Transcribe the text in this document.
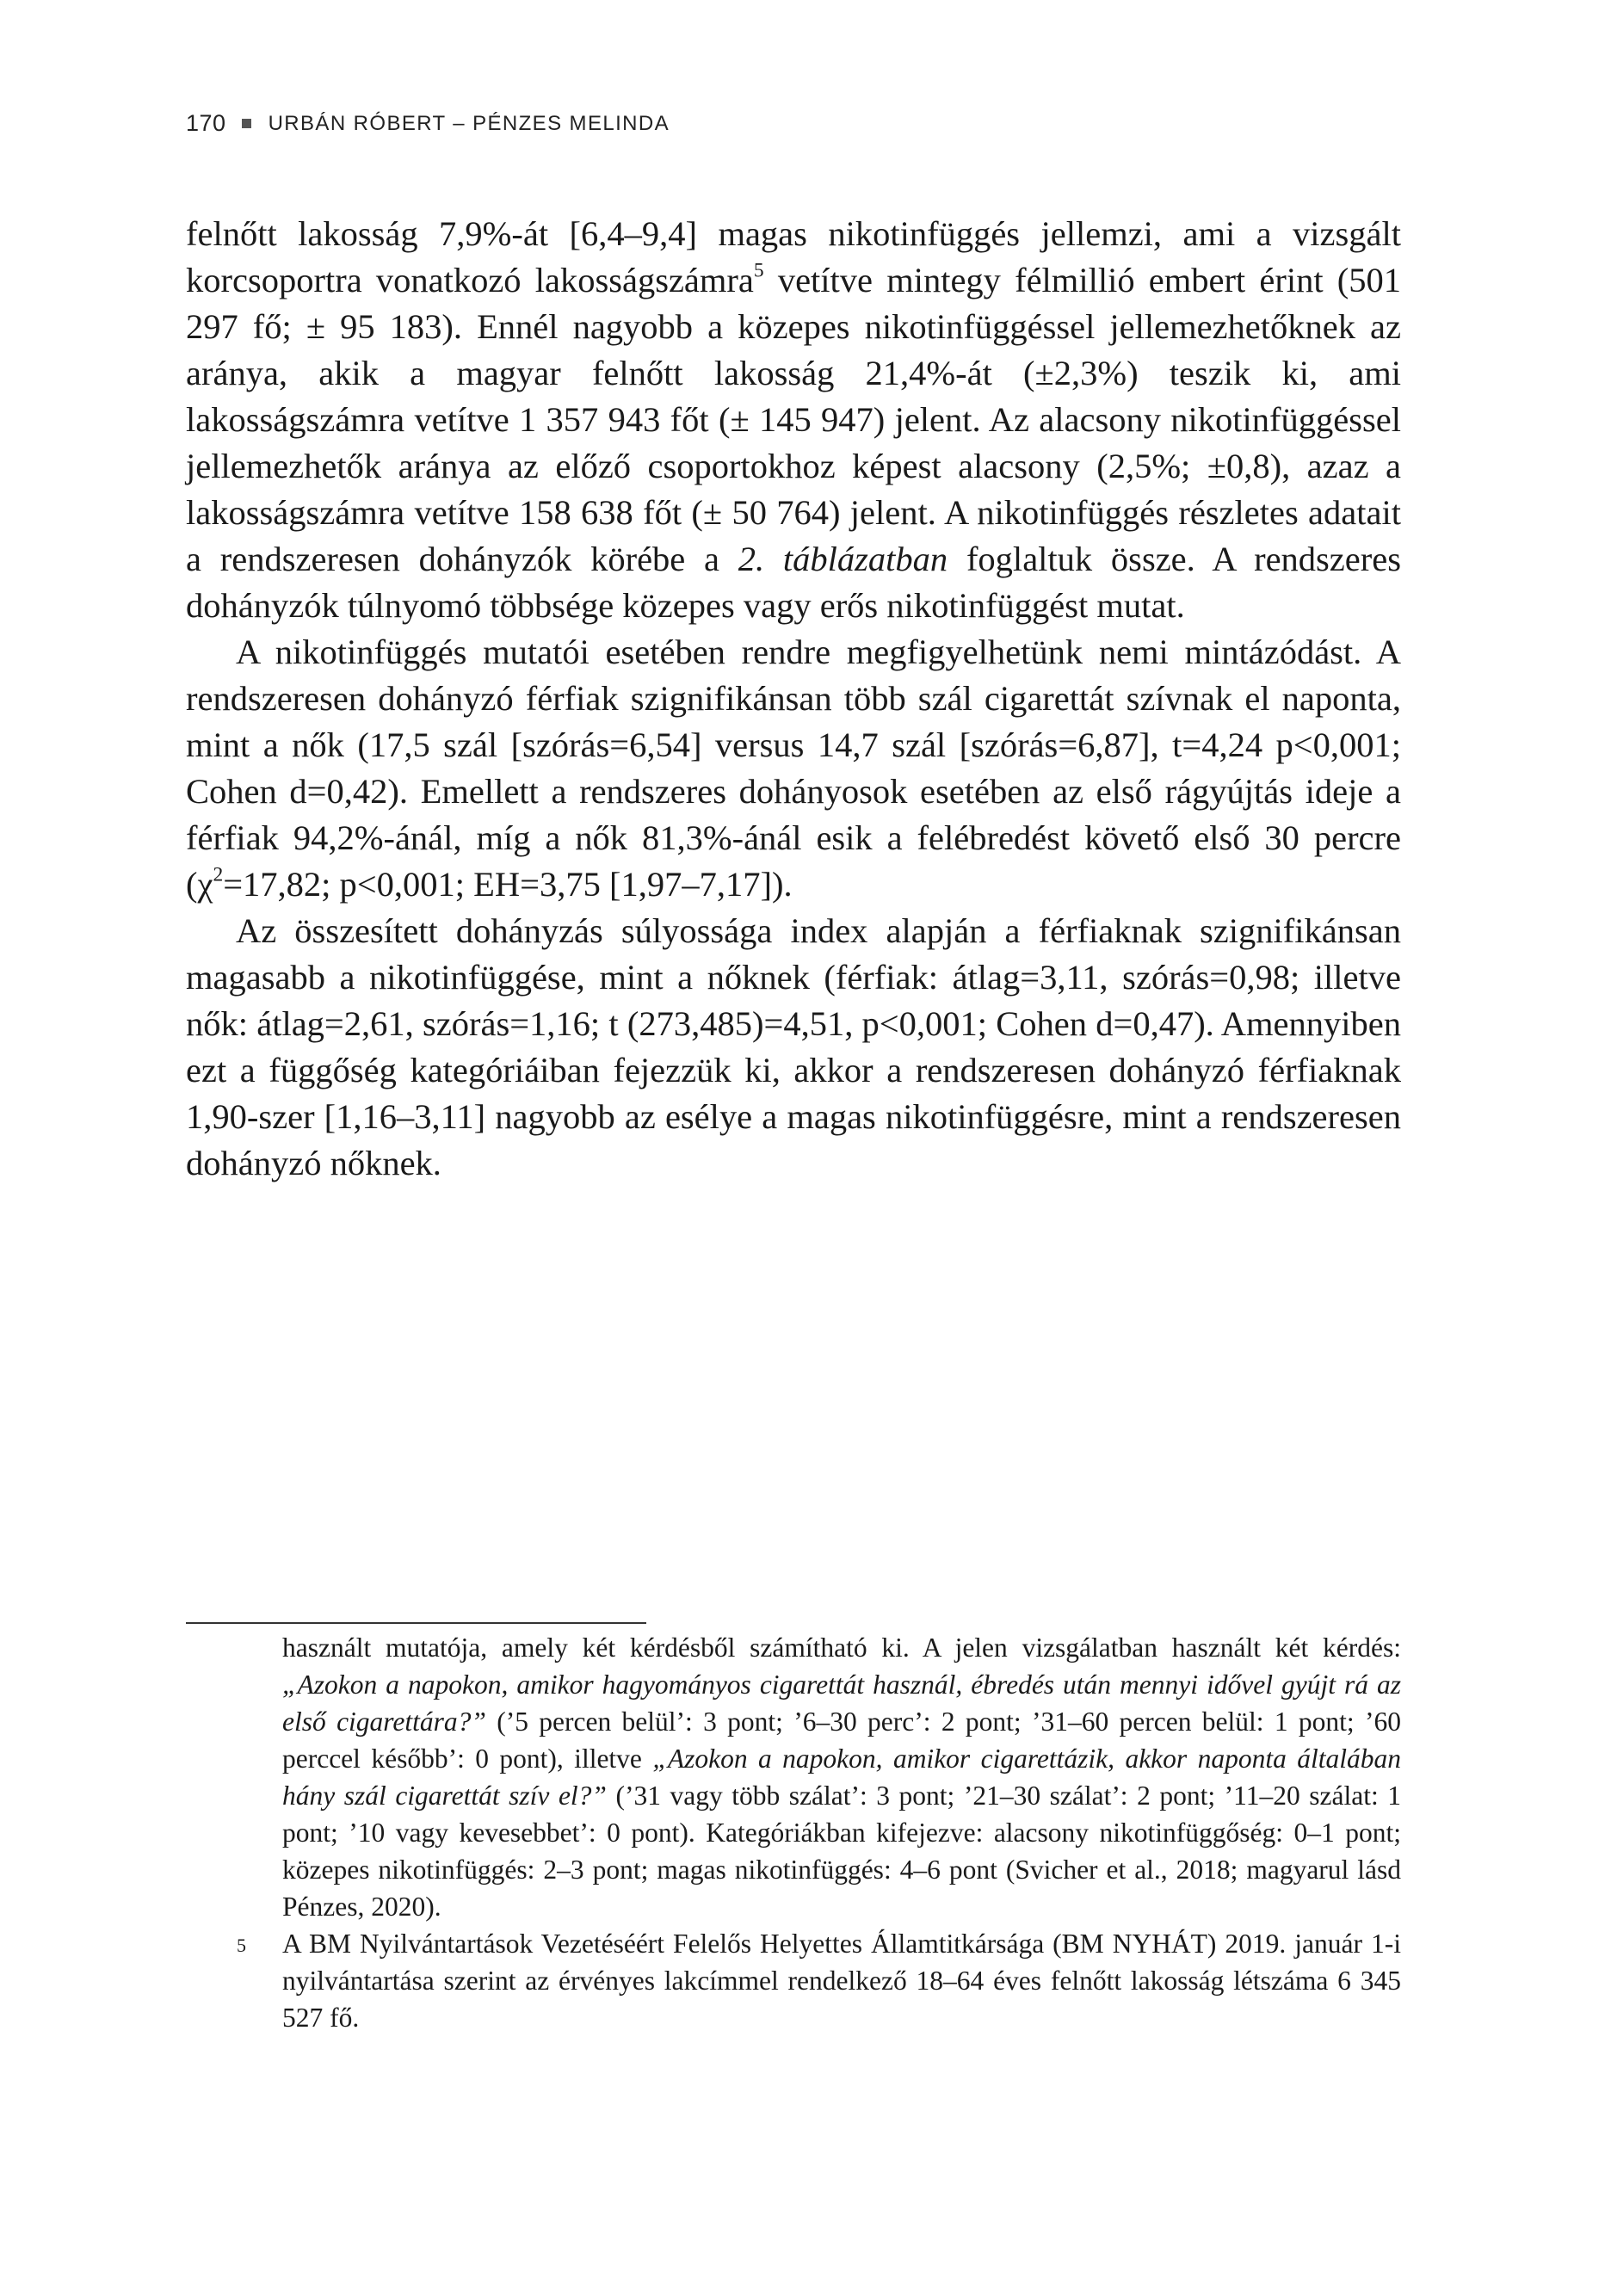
170 URBÁN RÓBERT – PÉNZES MELINDA

felnőtt lakosság 7,9%-át [6,4–9,4] magas nikotinfüggés jellemzi, ami a vizsgált korcsoportra vonatkozó lakosságszámra$^5$ vetítve mintegy félmillió embert érint (501 297 fő; ± 95 183). Ennél nagyobb a közepes nikotinfüggéssel jellemezhetőknek az aránya, akik a magyar felnőtt lakosság 21,4%-át (±2,3%) teszik ki, ami lakosságszámra vetítve 1 357 943 főt (± 145 947) jelent. Az alacsony nikotinfüggéssel jellemezhetők aránya az előző csoportokhoz képest alacsony (2,5%; ±0,8), azaz a lakosságszámra vetítve 158 638 főt (± 50 764) jelent. A nikotinfüggés részletes adatait a rendszeresen dohányzók körébe a 2. táblázatban foglaltuk össze. A rendszeres dohányzók túlnyomó többsége közepes vagy erős nikotinfüggést mutat.

A nikotinfüggés mutatói esetében rendre megfigyelhetünk nemi mintázódást. A rendszeresen dohányzó férfiak szignifikánsan több szál cigarettát szívnak el naponta, mint a nők (17,5 szál [szórás=6,54] versus 14,7 szál [szórás=6,87], t=4,24 p<0,001; Cohen d=0,42). Emellett a rendszeres dohányosok esetében az első rágyújtás ideje a férfiak 94,2%-ánál, míg a nők 81,3%-ánál esik a felébredést követő első 30 percre ($\chi^2=17,82$; p<0,001; EH=3,75 [1,97–7,17]).

Az összesített dohányzás súlyossága index alapján a férfiaknak szignifikánsan magasabb a nikotinfüggése, mint a nőknek (férfiak: átlag=3,11, szórás=0,98; illetve nők: átlag=2,61, szórás=1,16; t (273,485)=4,51, p<0,001; Cohen d=0,47). Amennyiben ezt a függőség kategóriáiban fejezzük ki, akkor a rendszeresen dohányzó férfiaknak 1,90-szer [1,16–3,11] nagyobb az esélye a magas nikotinfüggésre, mint a rendszeresen dohányzó nőknek.

használt mutatója, amely két kérdésből számítható ki. A jelen vizsgálatban használt két kérdés: „Azokon a napokon, amikor hagyományos cigarettát használ, ébredés után mennyi idővel gyújt rá az első cigarettára?” (’5 percen belül’: 3 pont; ’6–30 perc’: 2 pont; ’31–60 percen belül: 1 pont; ’60 perccel később’: 0 pont), illetve „Azokon a napokon, amikor cigarettázik, akkor naponta általában hány szál cigarettát szív el?” (’31 vagy több szálat’: 3 pont; ’21–30 szálat’: 2 pont; ’11–20 szálat: 1 pont; ’10 vagy kevesebbet’: 0 pont). Kategóriákban kifejezve: alacsony nikotinfüggőség: 0–1 pont; közepes nikotinfüggés: 2–3 pont; magas nikotinfüggés: 4–6 pont (Svicher et al., 2018; magyarul lásd Pénzes, 2020).
5 A BM Nyilvántartások Vezetéséért Felelős Helyettes Államtitkársága (BM NYHÁT) 2019. január 1-i nyilvántartása szerint az érvényes lakcímmel rendelkező 18–64 éves felnőtt lakosság létszáma 6 345 527 fő.
